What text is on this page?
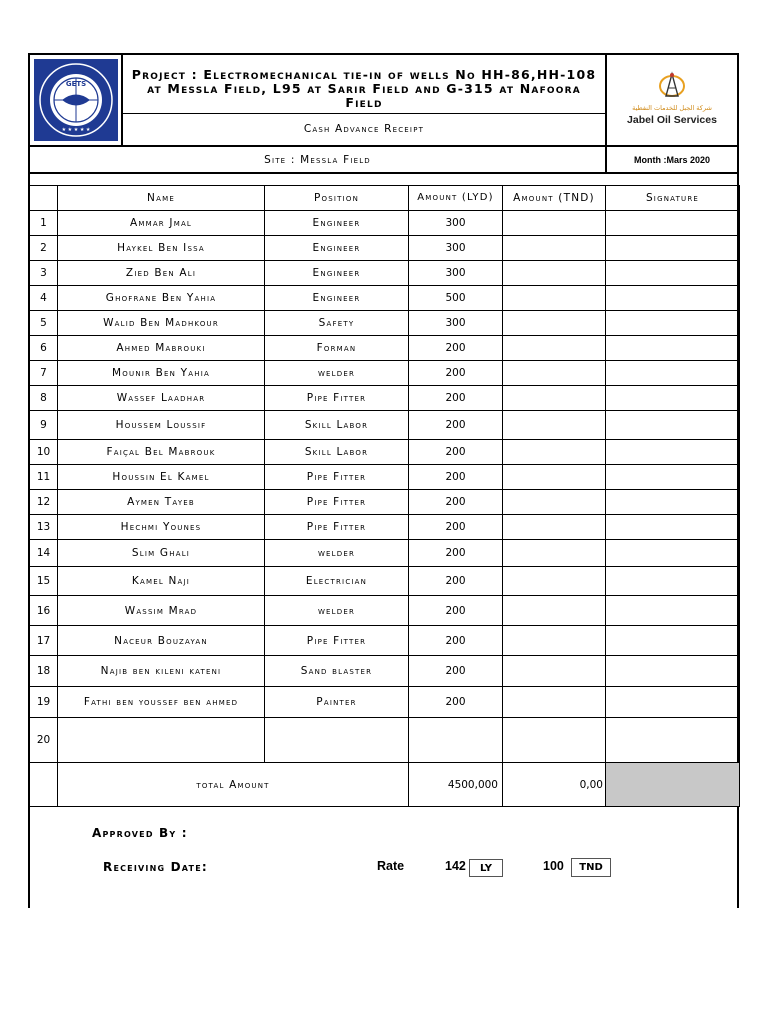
GETS
★ ★ ★ ★ ★
Project : Electromechanical tie-in of wells No HH-86,HH-108 at Messla Field, L95 at Sarir Field and G-315 at Nafoora Field
Cash Advance Receipt
شركة الجبل للخدمات النفطية
Jabel Oil Services
Site : Messla Field	Month :Mars 2020
	Name	Position	Amount (LYD)	Amount (TND)	Signature
1	Ammar Jmal	Engineer	300		
2	Haykel Ben Issa	Engineer	300		
3	Zied Ben Ali	Engineer	300		
4	Ghofrane Ben Yahia	Engineer	500		
5	Walid Ben Madhkour	Safety	300		
6	Ahmed Mabrouki	Forman	200		
7	Mounir Ben Yahia	welder	200		
8	Wassef Laadhar	Pipe Fitter	200		
9	Houssem Loussif	Skill Labor	200		
10	Faiçal Bel Mabrouk	Skill Labor	200		
11	Houssin El Kamel	Pipe Fitter	200		
12	Aymen Tayeb	Pipe Fitter	200		
13	Hechmi Younes	Pipe Fitter	200		
14	Slim Ghali	welder	200		
15	Kamel Naji	Electrician	200		
16	Wassim Mrad	welder	200		
17	Naceur Bouzayan	Pipe Fitter	200		
18	Najib ben kileni kateni	Sand blaster	200		
19	Fathi ben youssef ben ahmed	Painter	200		
20					
	total Amount		4500,000	0,00	
Approved By :
Receiving Date:	Rate	142	LY	100	TND
